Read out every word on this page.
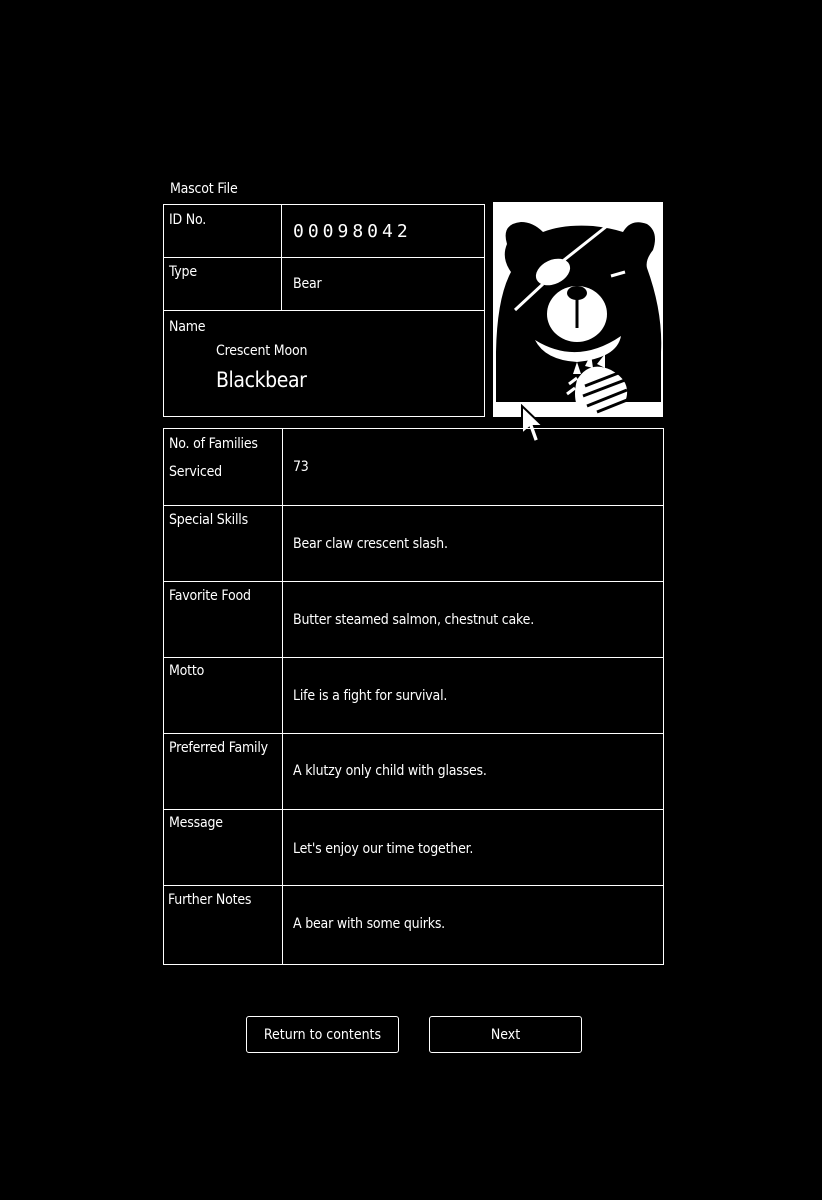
Mascot File
ID No.
00098042
Type
Bear
Name
Crescent Moon
Blackbear
No. of Families
Serviced	73
Special Skills
Bear claw crescent slash.
Favorite Food
Butter steamed salmon, chestnut cake.
Motto
Life is a fight for survival.
Preferred Family
A klutzy only child with glasses.
Message
Let's enjoy our time together.
Further Notes
A bear with some quirks.
Return to contents	Next
